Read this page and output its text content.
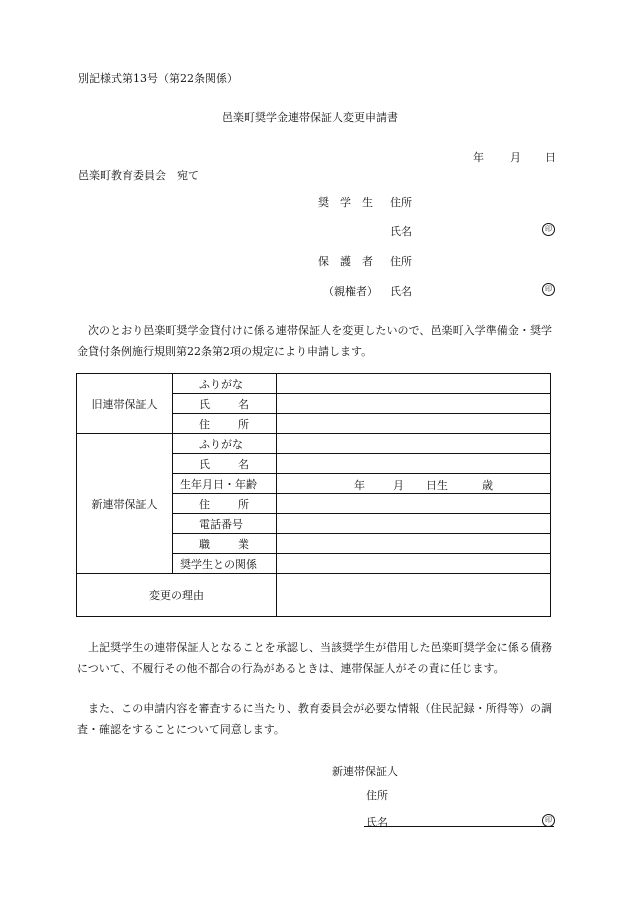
別記様式第13号（第22条関係）
邑楽町奨学金連帯保証人変更申請書
年 月 日
邑楽町教育委員会　宛て
奨　学　生 住所
氏名	印
保　護　者 住所
（親権者） 氏名	印
次のとおり邑楽町奨学金貸付けに係る連帯保証人を変更したいので、邑楽町入学準備金・奨学金貸付条例施行規則第22条第2項の規定により申請します。
旧連帯保証人	ふりがな	
	氏　名	
	住　所	
新連帯保証人	ふりがな	
	氏　名	
	生年月日・年齢	年 月 日生 歳

	住　所	
	電話番号	
	職　業	
	奨学生との関係	
変更の理由		
上記奨学生の連帯保証人となることを承認し、当該奨学生が借用した邑楽町奨学金に係る債務について、不履行その他不都合の行為があるときは、連帯保証人がその責に任じます。
また、この申請内容を審査するに当たり、教育委員会が必要な情報（住民記録・所得等）の調査・確認をすることについて同意します。
新連帯保証人
住所
氏名	印
